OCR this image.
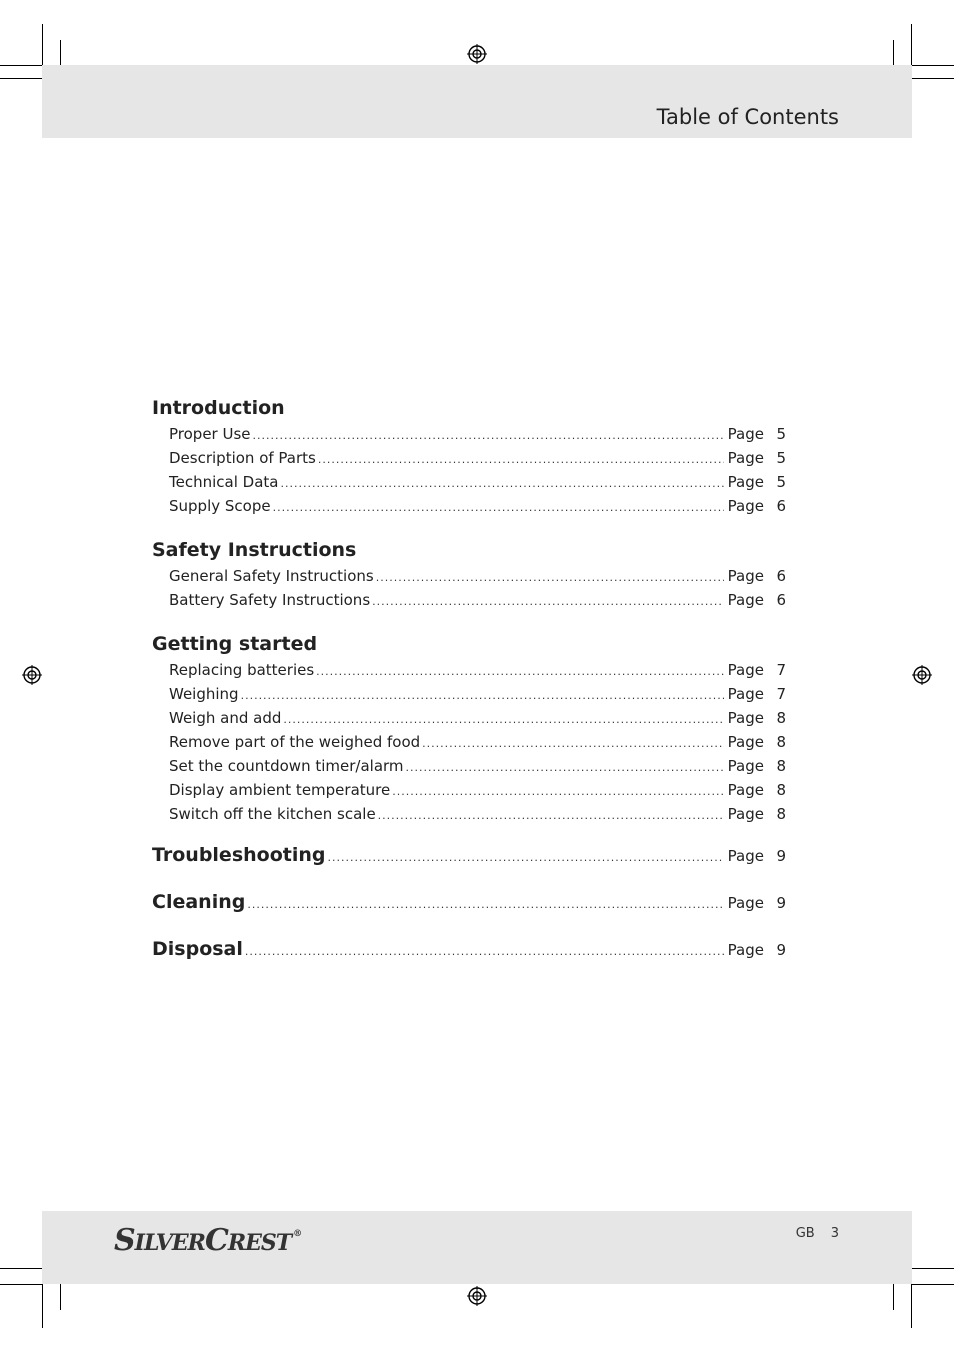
Table of Contents
Introduction
Proper Use .....	Page 5
Description of Parts .....	Page 5
Technical Data .....	Page 5
Supply Scope .....	Page 6
Safety Instructions
General Safety Instructions .....	Page 6
Battery Safety Instructions .....	Page 6
Getting started
Replacing batteries .....	Page 7
Weighing .....	Page 7
Weigh and add .....	Page 8
Remove part of the weighed food .....	Page 8
Set the countdown timer/alarm .....	Page 8
Display ambient temperature .....	Page 8
Switch off the kitchen scale .....	Page 8
Troubleshooting .....	Page 9
Cleaning .....	Page 9
Disposal .....	Page 9
SILVERCREST ®	GB 3
